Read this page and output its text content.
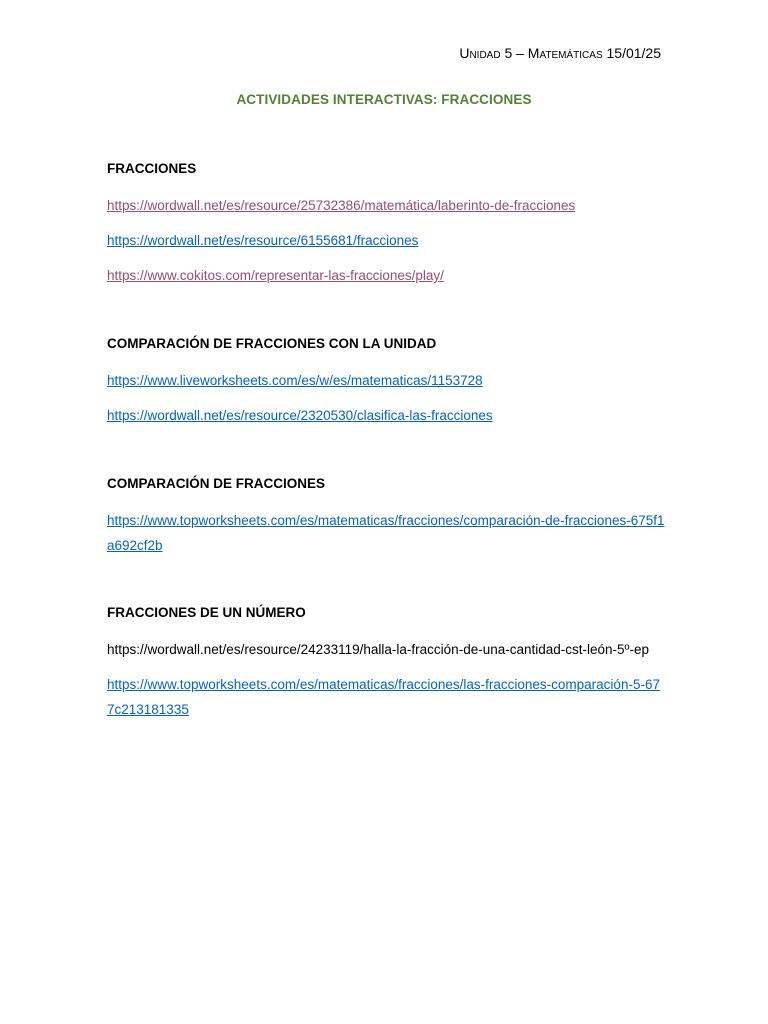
Unidad 5 – Matemáticas 15/01/25
ACTIVIDADES INTERACTIVAS: FRACCIONES

FRACCIONES

https://wordwall.net/es/resource/25732386/matemática/laberinto-de-fracciones

https://wordwall.net/es/resource/6155681/fracciones

https://www.cokitos.com/representar-las-fracciones/play/

COMPARACIÓN DE FRACCIONES CON LA UNIDAD

https://www.liveworksheets.com/es/w/es/matematicas/1153728

https://wordwall.net/es/resource/2320530/clasifica-las-fracciones

COMPARACIÓN DE FRACCIONES

https://www.topworksheets.com/es/matematicas/fracciones/comparación-de-fracciones-675f1a692cf2b

FRACCIONES DE UN NÚMERO

https://wordwall.net/es/resource/24233119/halla-la-fracción-de-una-cantidad-cst-león-5º-ep

https://www.topworksheets.com/es/matematicas/fracciones/las-fracciones-comparación-5-677c213181335
